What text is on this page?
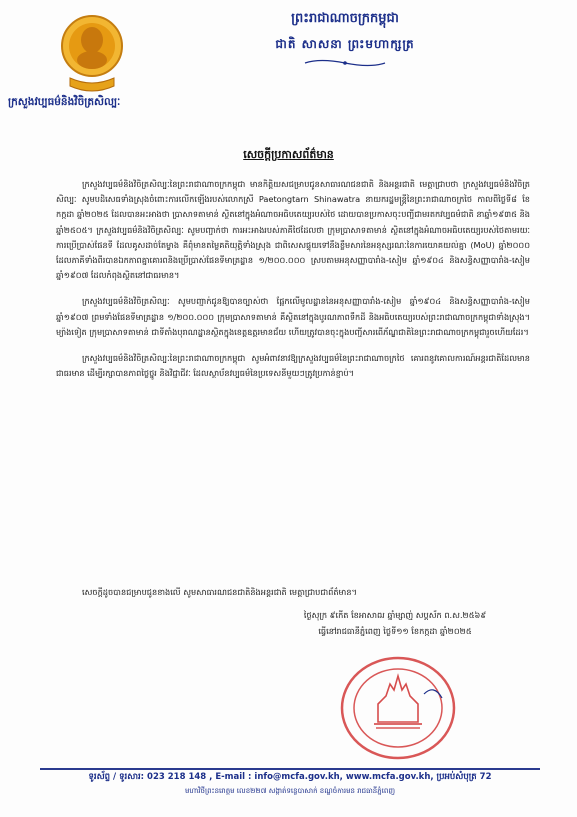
ព្រះរាជាណាចក្រកម្ពុជា
ជាតិ សាសនា ព្រះមហាក្សត្រ
ក្រសួងវប្បធម៌និងវិចិត្រសិល្បៈ
សេចក្តីប្រកាសព័ត៌មាន

ក្រសួងវប្បធម៌និងវិចិត្រសិល្បៈនៃព្រះរាជាណាចក្រកម្ពុជា មានកិត្តិយសជម្រាបជូនសាធារណជនជាតិ និងអន្តរជាតិ មេត្តាជ្រាបថា ក្រសួងវប្បធម៌និងវិចិត្រសិល្បៈ សូមបដិសេធទាំងស្រុងចំពោះការលើកឡើងរបស់លោកស្រី Paetongtarn Shinawatra នាយករដ្ឋមន្ត្រីនៃព្រះរាជាណាចក្រថៃ កាលពីថ្ងៃទី៨ ខែកក្កដា ឆ្នាំ២០២៥ ដែលបានអះអាងថា ប្រាសាទតាមាន់ ស្ថិតនៅក្នុងអំណាចអធិបតេយ្យរបស់ថៃ ដោយបានប្រកាសចុះបញ្ជីជាមរតកវប្បធម៌ជាតិ នាឆ្នាំ១៩៣៥ និងឆ្នាំ២៥០៥។ ក្រសួងវប្បធម៌និងវិចិត្រសិល្បៈ សូមបញ្ជាក់ថា ការអះអាងរបស់ភាគីថៃដែលថា ក្រុមប្រាសាទតាមាន់ ស្ថិតនៅក្នុងអំណាចអធិបតេយ្យរបស់ថៃតាមរយៈការប្រើប្រាស់ផែនទី ដែលគូសដាច់តែម្ខាង គឺពុំមានតម្លៃគតិយុត្តិទាំងស្រុង ជាពិសេសផ្ទុយទៅនឹងខ្លឹមសារនៃអនុស្សរណៈនៃការយោគយល់គ្នា (MoU) ឆ្នាំ២០០០ ដែលភាគីទាំងពីរបានឯកភាពគ្នាគោរពនិងប្រើប្រាស់ផែនទីមាត្រដ្ឋាន ១/២០០.០០០ ស្របតាមអនុសញ្ញាបារាំង-សៀម ឆ្នាំ១៩០៤ និងសន្ធិសញ្ញាបារាំង-សៀម ឆ្នាំ១៩០៧ ដែលកំពុងស្ថិតនៅជាធរមាន។

ក្រសួងវប្បធម៌និងវិចិត្រសិល្បៈ សូមបញ្ជាក់ជូនឱ្យបានច្បាស់ថា ផ្អែកលើមូលដ្ឋាននៃអនុសញ្ញាបារាំង-សៀម ឆ្នាំ១៩០៤ និងសន្ធិសញ្ញាបារាំង-សៀម ឆ្នាំ១៩០៧ ព្រមទាំងផែនទីមាត្រដ្ឋាន ១/២០០.០០០ ក្រុមប្រាសាទតាមាន់ គឺស្ថិតនៅក្នុងបូរណភាពទឹកដី និងអធិបតេយ្យរបស់ព្រះរាជាណាចក្រកម្ពុជាទាំងស្រុង។ ម្យ៉ាងទៀត ក្រុមប្រាសាទតាមាន់ ជាទីតាំងបុរាណដ្ឋានស្ថិតក្នុងខេត្តឧត្តរមានជ័យ ហើយត្រូវបានចុះក្នុងបញ្ជីសារពើភ័ណ្ឌជាតិនៃព្រះរាជាណាចក្រកម្ពុជារួចហើយដែរ។

ក្រសួងវប្បធម៌និងវិចិត្រសិល្បៈនៃព្រះរាជាណាចក្រកម្ពុជា សូមអំពាវនាវឱ្យក្រសួងវប្បធម៌នៃព្រះរាជាណាចក្រថៃ គោរពនូវគោលការណ៍អន្តរជាតិដែលមានជាធរមាន ដើម្បីរក្សាបានភាពថ្លៃថ្នូរ និងវិជ្ជាជីវៈ ដែលស្ថាប័នវប្បធម៌នៃប្រទេសនីមួយៗត្រូវប្រកាន់ខ្ជាប់។

សេចក្តីដូចបានជម្រាបជូនខាងលើ សូមសាធារណជនជាតិនិងអន្តរជាតិ មេត្តាជ្រាបជាព័ត៌មាន។
ថ្ងៃសុក្រ ៩កើត ខែអាសាឍ ឆ្នាំម្សាញ់ សប្តស័ក ព.ស.២៥៦៩
ធ្វើនៅរាជធានីភ្នំពេញ ថ្ងៃទី១១ ខែកក្កដា ឆ្នាំ២០២៥
ទូរស័ព្ទ / ទូរសារ: 023 218 148 , E-mail : info@mcfa.gov.kh, www.mcfa.gov.kh, ប្រអប់សំបុត្រ 72
មហាវិថីព្រះនរោត្តម លេខ២២៧ សង្កាត់ទន្លេបាសាក់ ខណ្ឌចំការមន រាជធានីភ្នំពេញ
